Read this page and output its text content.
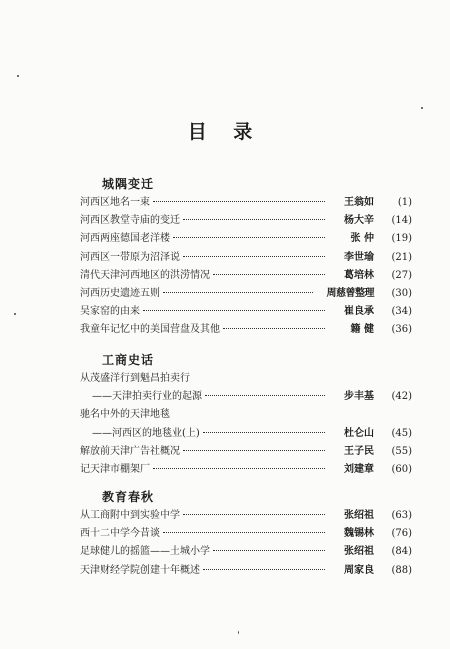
目 录
城隅变迁
河西区地名一束	王翁如	(1)
河西区教堂寺庙的变迁	杨大辛	(14)
河西两座德国老洋楼	张 仲	(19)
河西区一带原为沼泽说	李世瑜	(21)
清代天津河西地区的洪涝情况	葛培林	(27)
河西历史遗迹五则	周慈曾整理	(30)
吴家窑的由来	崔良承	(34)
我童年记忆中的美国营盘及其他	籍 健	(36)
工商史话
从茂盛洋行到魁昌拍卖行
——天津拍卖行业的起源	步丰基	(42)
驰名中外的天津地毯
——河西区的地毯业(上)	杜仑山	(45)
解放前天津广告社概况	王子民	(55)
记天津市棚架厂	刘建章	(60)
教育春秋
从工商附中到实验中学	张绍祖	(63)
西十二中学今昔谈	魏锡林	(76)
足球健儿的摇篮——土城小学	张绍祖	(84)
天津财经学院创建十年概述	周家良	(88)
